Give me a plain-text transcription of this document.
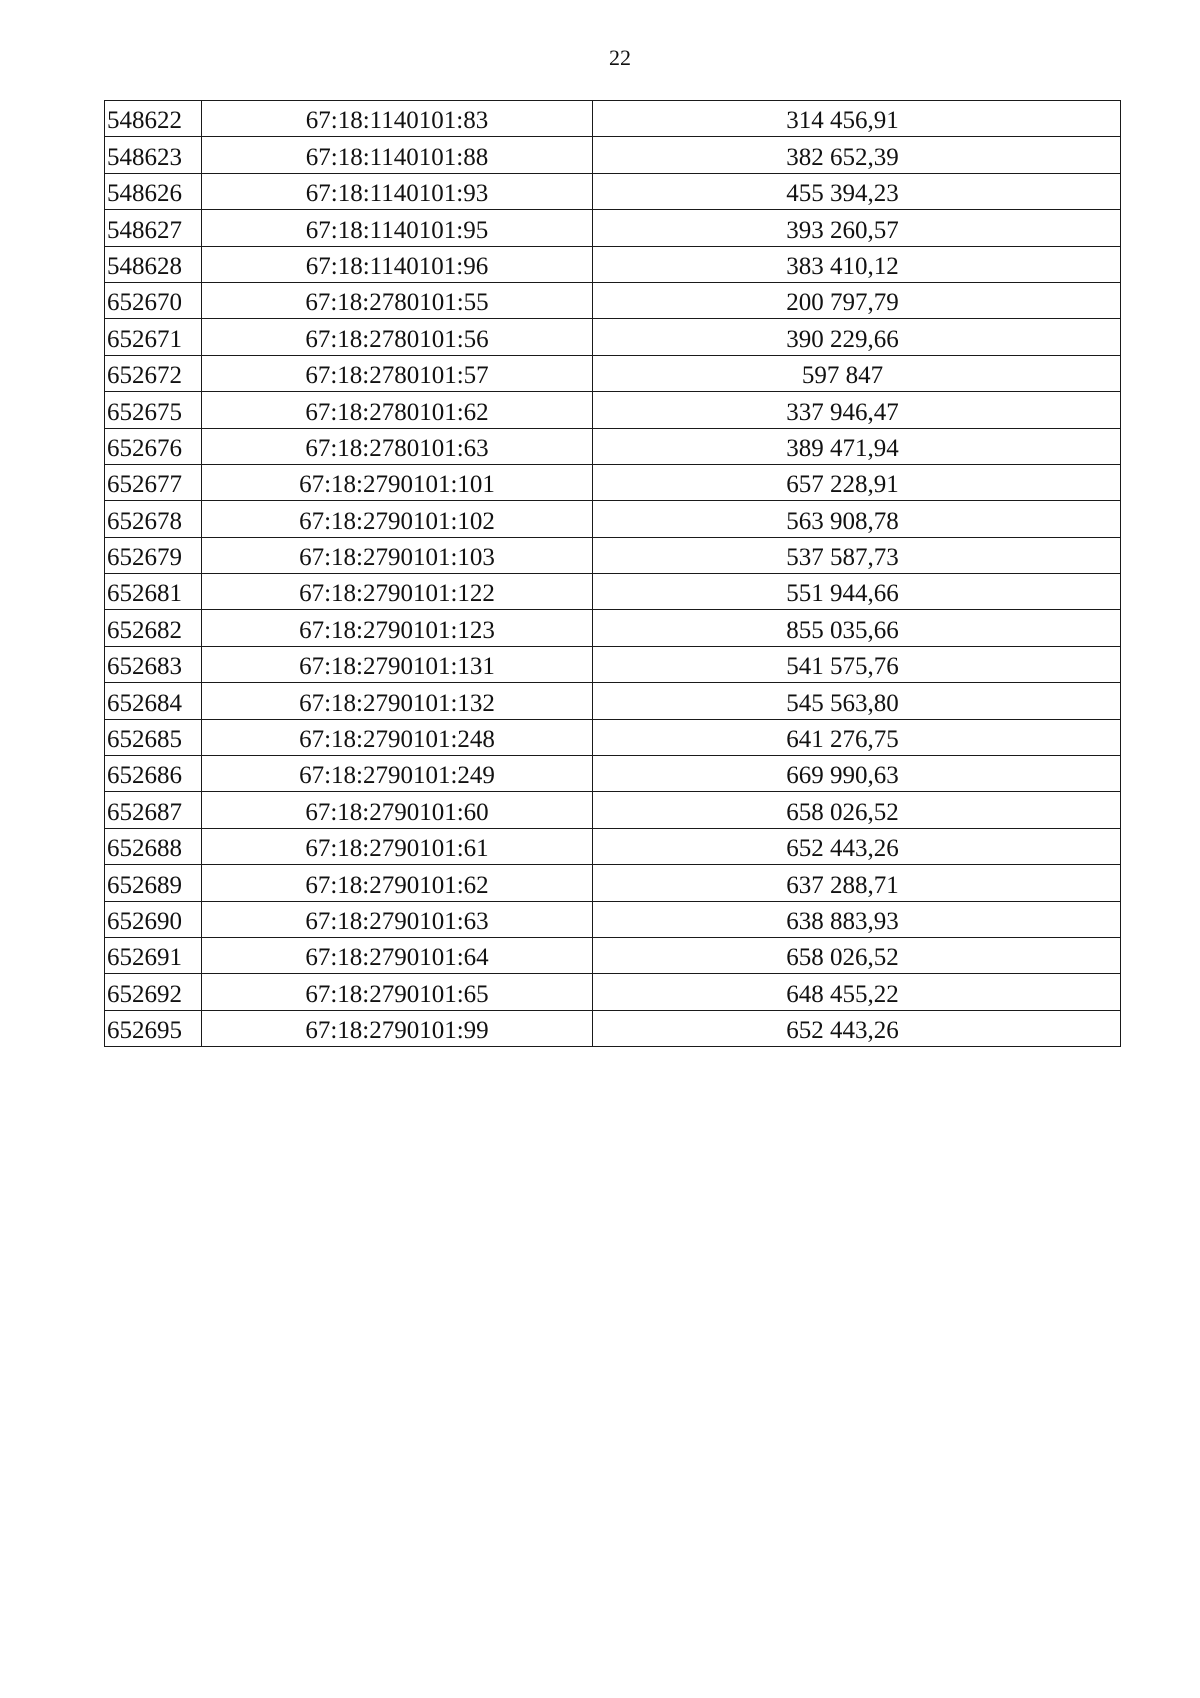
22
548622	67:18:1140101:83	314 456,91
548623	67:18:1140101:88	382 652,39
548626	67:18:1140101:93	455 394,23
548627	67:18:1140101:95	393 260,57
548628	67:18:1140101:96	383 410,12
652670	67:18:2780101:55	200 797,79
652671	67:18:2780101:56	390 229,66
652672	67:18:2780101:57	597 847
652675	67:18:2780101:62	337 946,47
652676	67:18:2780101:63	389 471,94
652677	67:18:2790101:101	657 228,91
652678	67:18:2790101:102	563 908,78
652679	67:18:2790101:103	537 587,73
652681	67:18:2790101:122	551 944,66
652682	67:18:2790101:123	855 035,66
652683	67:18:2790101:131	541 575,76
652684	67:18:2790101:132	545 563,80
652685	67:18:2790101:248	641 276,75
652686	67:18:2790101:249	669 990,63
652687	67:18:2790101:60	658 026,52
652688	67:18:2790101:61	652 443,26
652689	67:18:2790101:62	637 288,71
652690	67:18:2790101:63	638 883,93
652691	67:18:2790101:64	658 026,52
652692	67:18:2790101:65	648 455,22
652695	67:18:2790101:99	652 443,26
